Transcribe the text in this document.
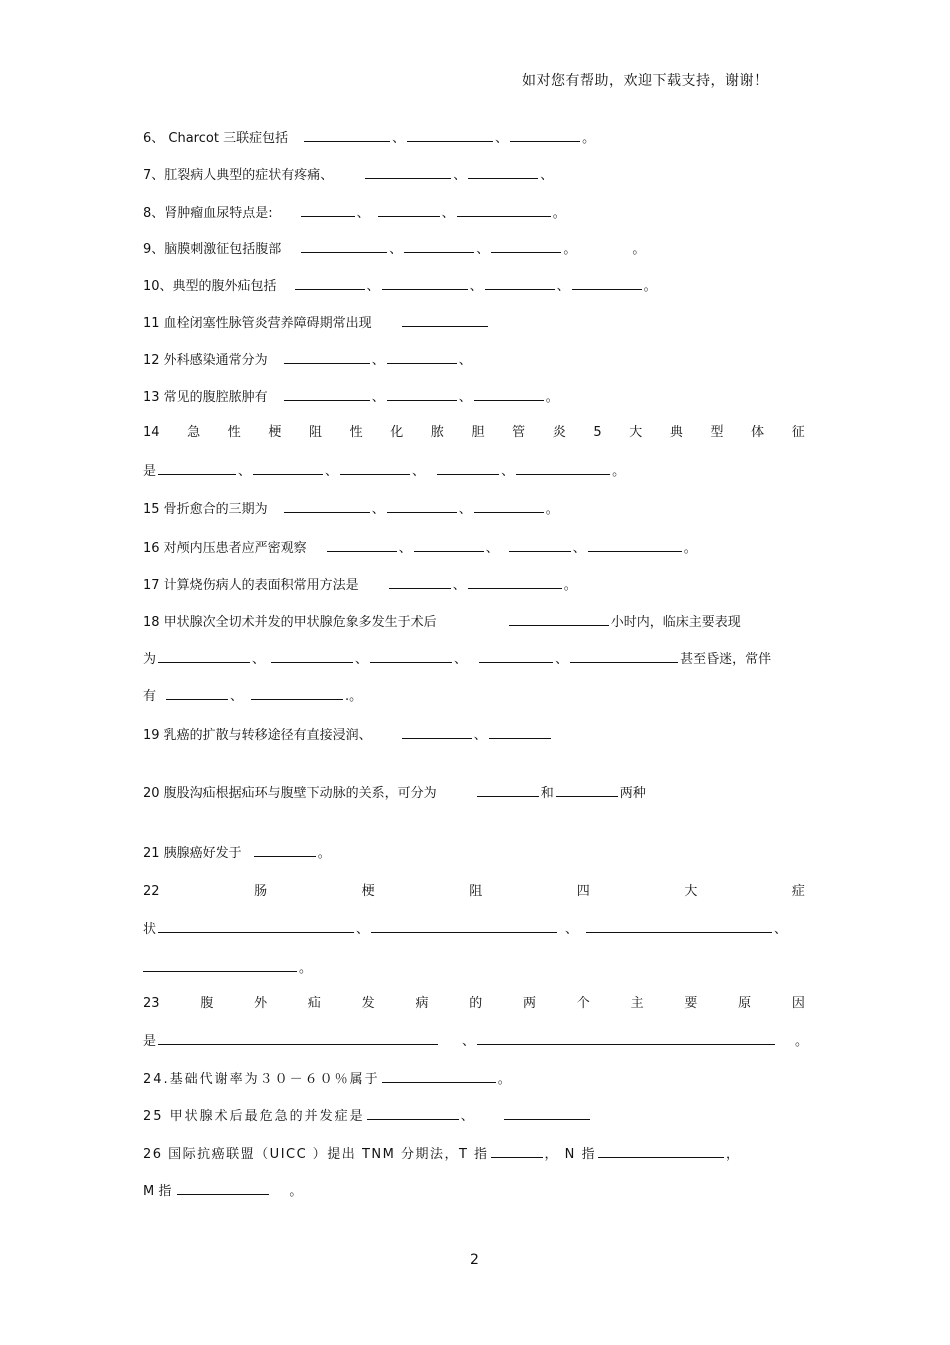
如对您有帮助，欢迎下载支持，谢谢！
6、 Charcot 三联症包括	、	、	。
7、肛裂病人典型的症状有疼痛、	、	、
8、肾肿瘤血尿特点是:	、	、	。
9、脑膜刺激征包括腹部	、	、	。	。
10、典型的腹外疝包括	、	、	、	。
11 血栓闭塞性脉管炎营养障碍期常出现
12 外科感染通常分为	、	、
13 常见的腹腔脓肿有	、	、	。
14 急 性 梗 阻 性 化 脓 胆 管 炎 5 大 典 型 体 征
是	、	、	、	、	。
15 骨折愈合的三期为	、	、	。
16 对颅内压患者应严密观察	、	、	、	。
17 计算烧伤病人的表面积常用方法是	、	。
18 甲状腺次全切术并发的甲状腺危象多发生于术后	小时内，临床主要表现
为	、	、	、	、	甚至昏迷，常伴
有	、	.。
19 乳癌的扩散与转移途径有直接浸润、	、
20 腹股沟疝根据疝环与腹壁下动脉的关系，可分为	和	两种
21 胰腺癌好发于	。
22	肠	梗	阻	四	大	症
状	、	、	、
。
23	腹	外	疝	发	病	的	两	个	主	要	原	因
是	、	。
24.基础代谢率为３０－６０％属于	。
25 甲状腺术后最危急的并发症是	、
26 国际抗癌联盟（UICC ）提出 TNM 分期法，T 指	， N 指	，
M 指	。
2
